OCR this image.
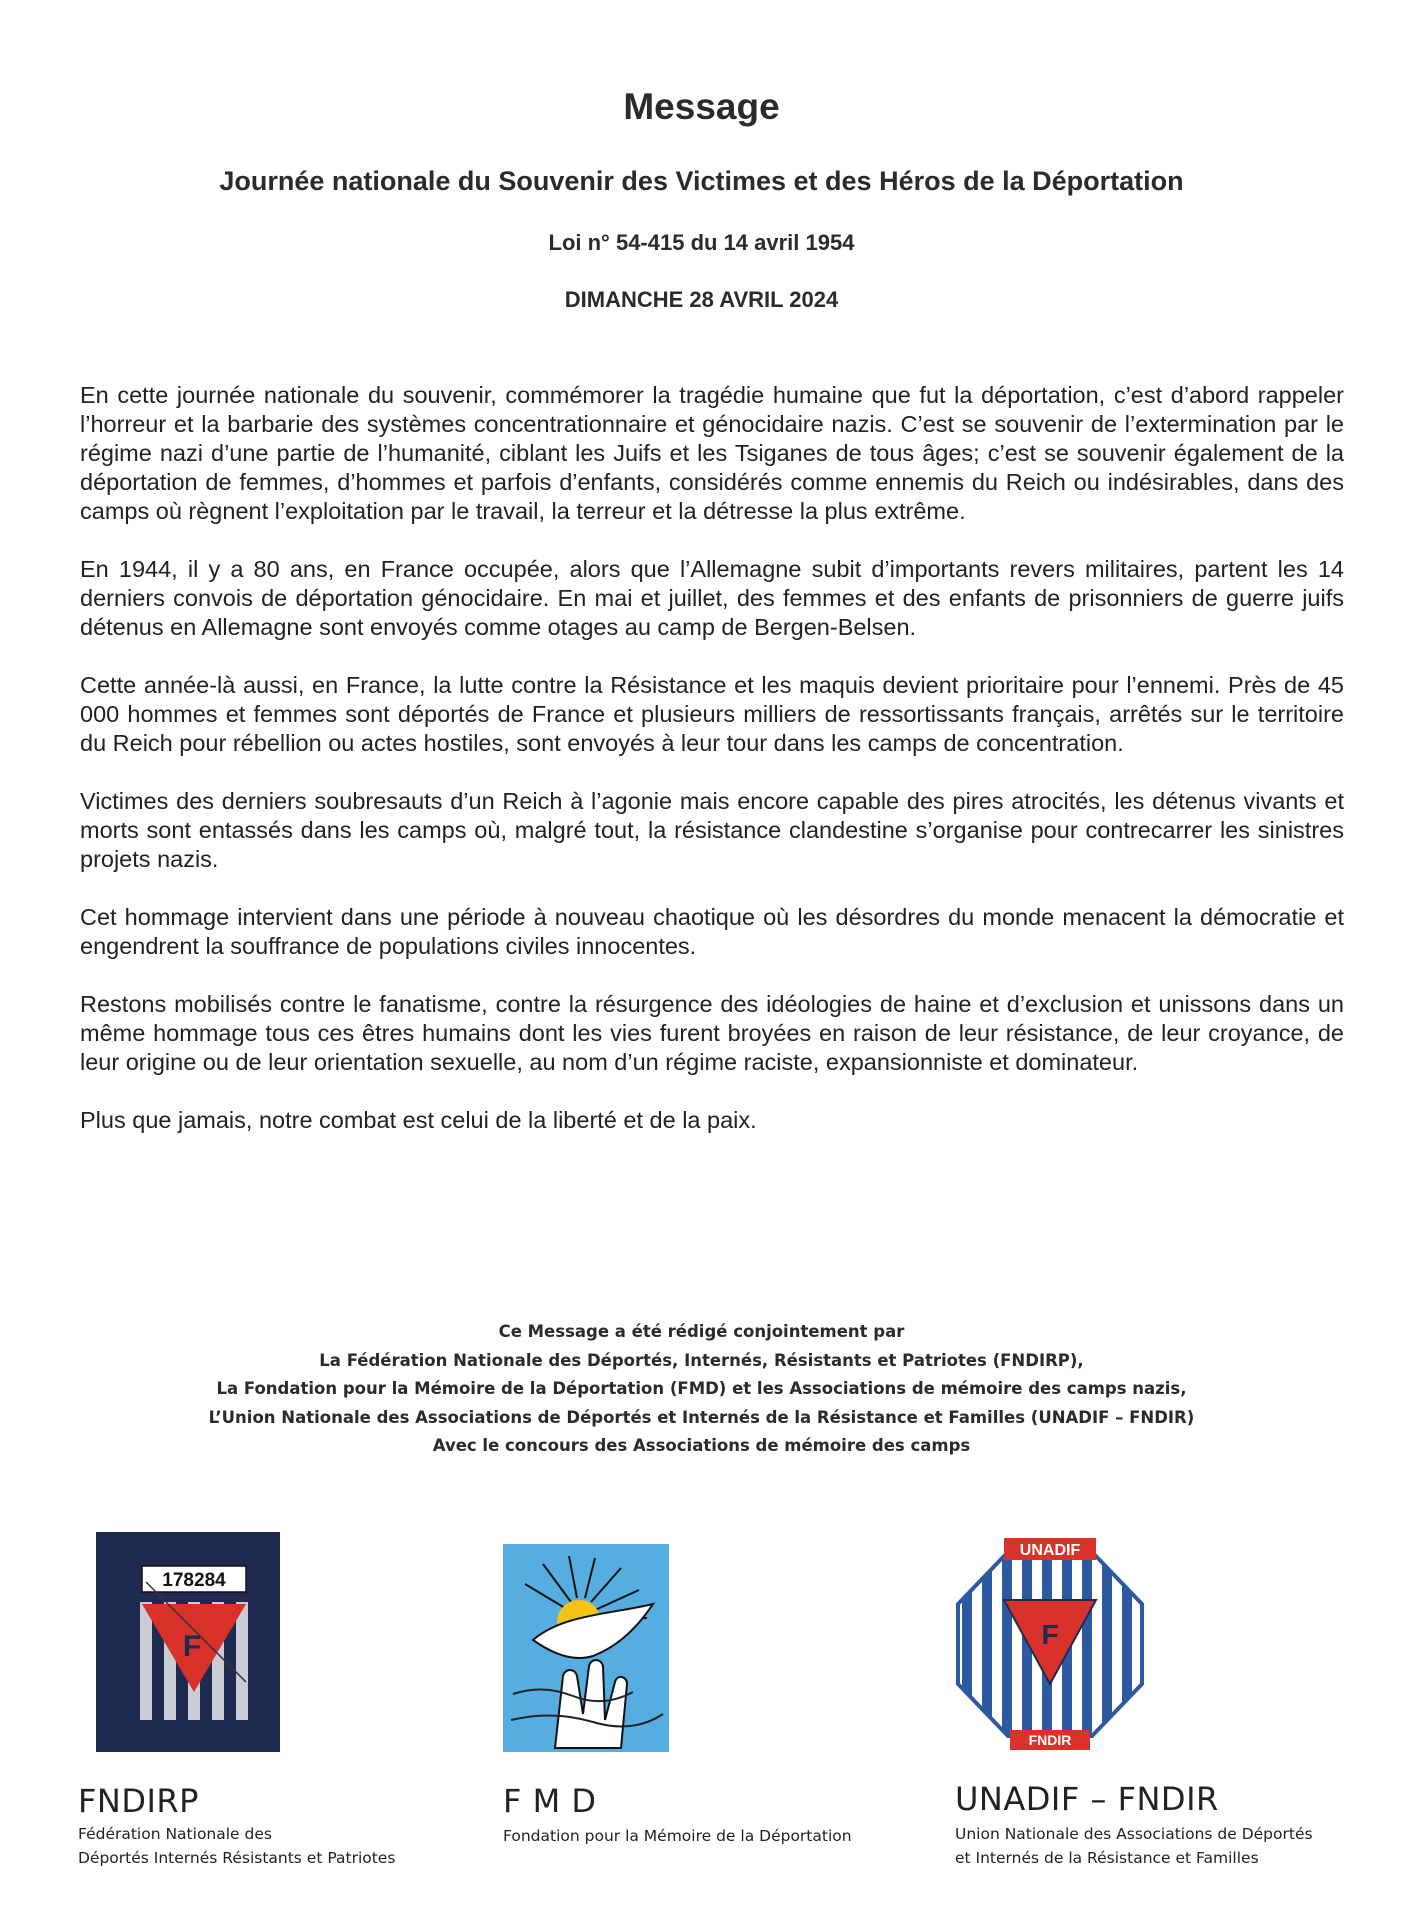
Message
Journée nationale du Souvenir des Victimes et des Héros de la Déportation
Loi n° 54-415 du 14 avril 1954
DIMANCHE 28 AVRIL 2024

En cette journée nationale du souvenir, commémorer la tragédie humaine que fut la déportation, c’est d’abord rappeler l’horreur et la barbarie des systèmes concentrationnaire et génocidaire nazis. C’est se souvenir de l’extermination par le régime nazi d’une partie de l’humanité, ciblant les Juifs et les Tsiganes de tous âges; c’est se souvenir également de la déportation de femmes, d’hommes et parfois d’enfants, considérés comme ennemis du Reich ou indésirables, dans des camps où règnent l’exploitation par le travail, la terreur et la détresse la plus extrême.

En 1944, il y a 80 ans, en France occupée, alors que l’Allemagne subit d’importants revers militaires, partent les 14 derniers convois de déportation génocidaire. En mai et juillet, des femmes et des enfants de prisonniers de guerre juifs détenus en Allemagne sont envoyés comme otages au camp de Bergen-Belsen.

Cette année-là aussi, en France, la lutte contre la Résistance et les maquis devient prioritaire pour l’ennemi. Près de 45 000 hommes et femmes sont déportés de France et plusieurs milliers de ressortissants français, arrêtés sur le territoire du Reich pour rébellion ou actes hostiles, sont envoyés à leur tour dans les camps de concentration.

Victimes des derniers soubresauts d’un Reich à l’agonie mais encore capable des pires atrocités, les détenus vivants et morts sont entassés dans les camps où, malgré tout, la résistance clandestine s’organise pour contrecarrer les sinistres projets nazis.

Cet hommage intervient dans une période à nouveau chaotique où les désordres du monde menacent la démocratie et engendrent la souffrance de populations civiles innocentes.

Restons mobilisés contre le fanatisme, contre la résurgence des idéologies de haine et d’exclusion et unissons dans un même hommage tous ces êtres humains dont les vies furent broyées en raison de leur résistance, de leur croyance, de leur origine ou de leur orientation sexuelle, au nom d’un régime raciste, expansionniste et dominateur.

Plus que jamais, notre combat est celui de la liberté et de la paix.

Ce Message a été rédigé conjointement par
La Fédération Nationale des Déportés, Internés, Résistants et Patriotes (FNDIRP),
La Fondation pour la Mémoire de la Déportation (FMD) et les Associations de mémoire des camps nazis,
L’Union Nationale des Associations de Déportés et Internés de la Résistance et Familles (UNADIF – FNDIR)
Avec le concours des Associations de mémoire des camps
178284
F
FNDIRP
Fédération Nationale des
Déportés Internés Résistants et Patriotes
F M D
Fondation pour la Mémoire de la Déportation
UNADIF
F
FNDIR
UNADIF – FNDIR
Union Nationale des Associations de Déportés
et Internés de la Résistance et Familles
